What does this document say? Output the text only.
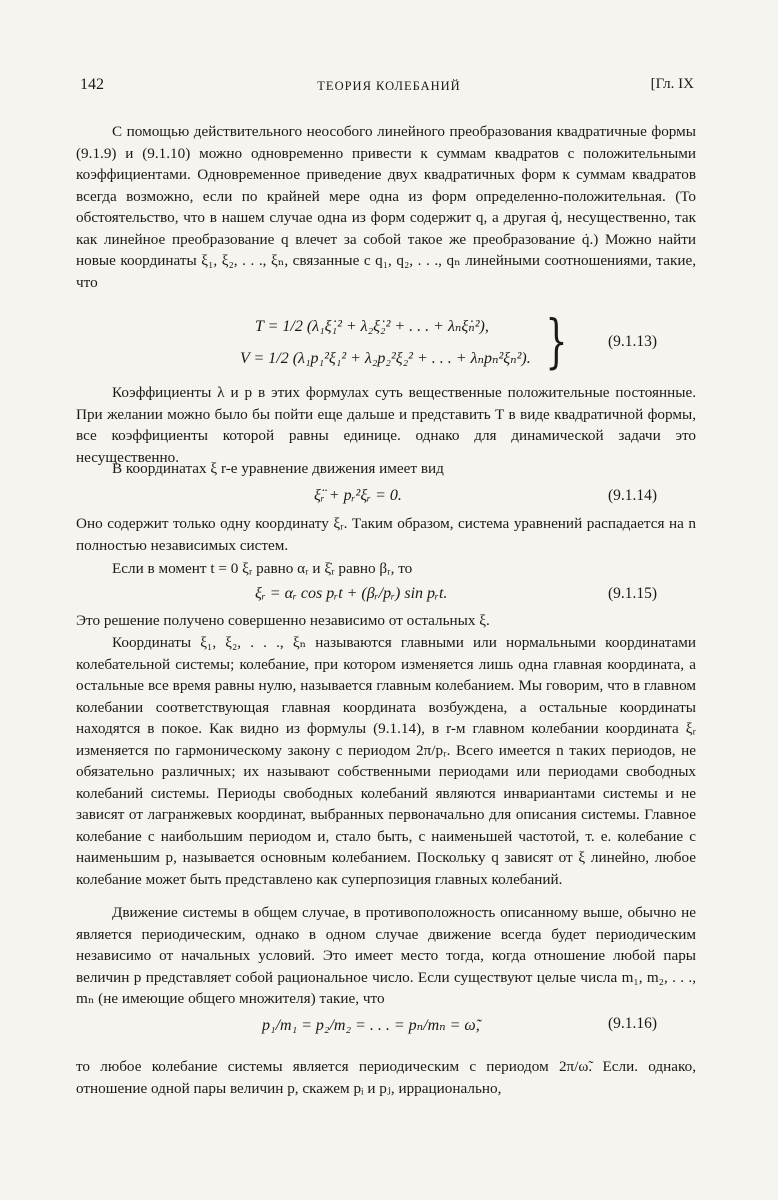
142	ТЕОРИЯ КОЛЕБАНИЙ	[Гл. IX

С помощью действительного неособого линейного преобразования квадратичные формы (9.1.9) и (9.1.10) можно одновременно привести к суммам квадратов с положительными коэффициентами. Одновременное приведение двух квадратичных форм к суммам квадратов всегда возможно, если по крайней мере одна из форм определенно-положительная. (То обстоятельство, что в нашем случае одна из форм содержит q, а другая q̇, несущественно, так как линейное преобразование q влечет за собой такое же преобразование q̇.) Можно найти новые координаты ξ₁, ξ₂, . . ., ξₙ, связанные с q₁, q₂, . . ., qₙ линейными соотношениями, такие, что

T = 1/2 (λ₁ξ̇₁² + λ₂ξ̇₂² + . . . + λₙξ̇ₙ²),
V = 1/2 (λ₁p₁²ξ₁² + λ₂p₂²ξ₂² + . . . + λₙpₙ²ξₙ²). }	(9.1.13)

Коэффициенты λ и p в этих формулах суть вещественные положительные постоянные. При желании можно было бы пойти еще дальше и представить T в виде квадратичной формы, все коэффициенты которой равны единице. однако для динамической задачи это несущественно.

В координатах ξ r-е уравнение движения имеет вид

ξ̈ᵣ + pᵣ²ξᵣ = 0.	(9.1.14)

Оно содержит только одну координату ξᵣ. Таким образом, система уравнений распадается на n полностью независимых систем.

Если в момент t = 0 ξᵣ равно αᵣ и ξ̇ᵣ равно βᵣ, то

ξᵣ = αᵣ cos pᵣt + (βᵣ/pᵣ) sin pᵣt.	(9.1.15)

Это решение получено совершенно независимо от остальных ξ.

Координаты ξ₁, ξ₂, . . ., ξₙ называются главными или нормальными координатами колебательной системы; колебание, при котором изменяется лишь одна главная координата, а остальные все время равны нулю, называется главным колебанием. Мы говорим, что в главном колебании соответствующая главная координата возбуждена, а остальные координаты находятся в покое. Как видно из формулы (9.1.14), в r-м главном колебании координата ξᵣ изменяется по гармоническому закону с периодом 2π/pᵣ. Всего имеется n таких периодов, не обязательно различных; их называют собственными периодами или периодами свободных колебаний системы. Периоды свободных колебаний являются инвариантами системы и не зависят от лагранжевых координат, выбранных первоначально для описания системы. Главное колебание с наибольшим периодом и, стало быть, с наименьшей частотой, т. е. колебание с наименьшим p, называется основным колебанием. Поскольку q зависят от ξ линейно, любое колебание может быть представлено как суперпозиция главных колебаний.

Движение системы в общем случае, в противоположность описанному выше, обычно не является периодическим, однако в одном случае движение всегда будет периодическим независимо от начальных условий. Это имеет место тогда, когда отношение любой пары величин p представляет собой рациональное число. Если существуют целые числа m₁, m₂, . . ., mₙ (не имеющие общего множителя) такие, что

p₁/m₁ = p₂/m₂ = . . . = pₙ/mₙ = ω̃,	(9.1.16)

то любое колебание системы является периодическим с периодом 2π/ω̃. Если. однако, отношение одной пары величин p, скажем pᵢ и pⱼ, иррационально,
